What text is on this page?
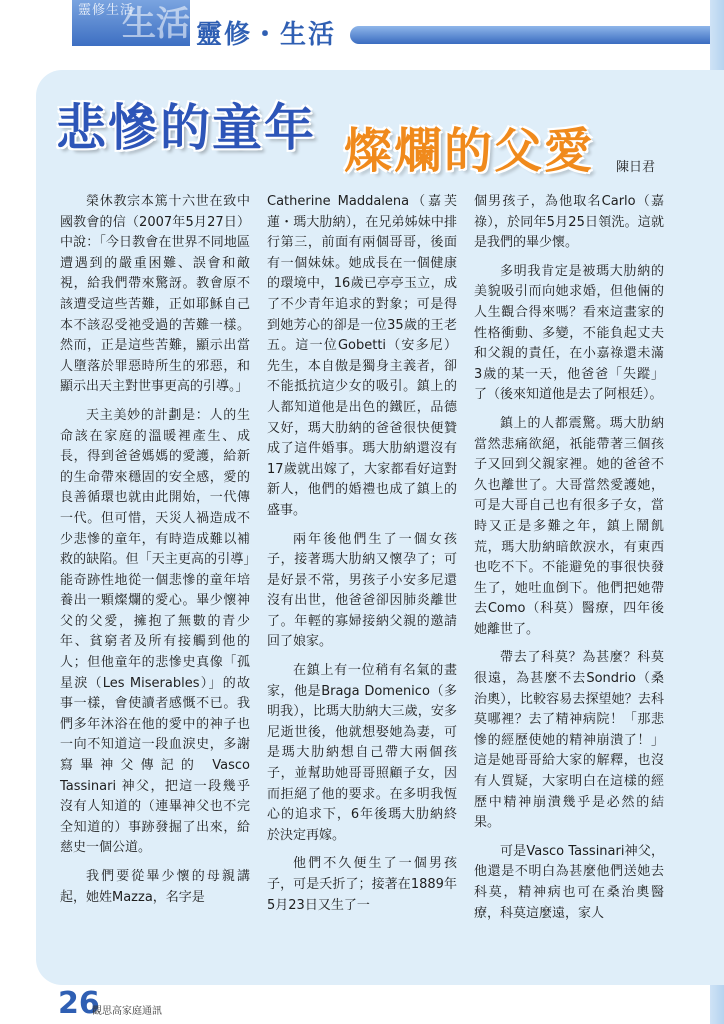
靈修生活
生活 靈修・生活
悲慘的童年 燦爛的父愛 陳日君

榮休教宗本篤十六世在致中國教會的信（2007年5月27日）中說：「今日教會在世界不同地區遭遇到的嚴重困難、誤會和敵視，給我們帶來驚訝。教會原不該遭受這些苦難，正如耶穌自己本不該忍受祂受過的苦難一樣。然而，正是這些苦難，顯示出當人墮落於罪惡時所生的邪惡，和顯示出天主對世事更高的引導。」

天主美妙的計劃是：人的生命該在家庭的溫暖裡產生、成長，得到爸爸媽媽的愛護，給新的生命帶來穩固的安全感，愛的良善循環也就由此開始，一代傳一代。但可惜，天災人禍造成不少悲慘的童年，有時造成難以補救的缺陷。但「天主更高的引導」能奇跡性地從一個悲慘的童年培養出一顆燦爛的愛心。畢少懷神父的父愛，擁抱了無數的青少年、貧窮者及所有接觸到他的人；但他童年的悲慘史真像「孤星淚（Les Miserables）」的故事一樣，會使讀者感慨不已。我們多年沐浴在他的愛中的神子也一向不知道這一段血淚史，多謝寫畢神父傳記的 Vasco Tassinari 神父，把這一段幾乎沒有人知道的（連畢神父也不完全知道的）事跡發掘了出來，給慈史一個公道。

我們要從畢少懷的母親講起，她姓Mazza，名字是

Catherine Maddalena（嘉芙蓮・瑪大肋納），在兄弟姊妹中排行第三，前面有兩個哥哥，後面有一個妹妹。她成長在一個健康的環境中，16歲已亭亭玉立，成了不少青年追求的對象；可是得到她芳心的卻是一位35歲的王老五。這一位Gobetti（安多尼）先生，本自傲是獨身主義者，卻不能抵抗這少女的吸引。鎮上的人都知道他是出色的鐵匠，品德又好，瑪大肋納的爸爸很快便贊成了這件婚事。瑪大肋納還沒有17歲就出嫁了，大家都看好這對新人，他們的婚禮也成了鎮上的盛事。

兩年後他們生了一個女孩子，接著瑪大肋納又懷孕了；可是好景不常，男孩子小安多尼還沒有出世，他爸爸卻因肺炎離世了。年輕的寡婦接納父親的邀請回了娘家。

在鎮上有一位稍有名氣的畫家，他是Braga Domenico（多明我），比瑪大肋納大三歲，安多尼逝世後，他就想娶她為妻，可是瑪大肋納想自己帶大兩個孩子，並幫助她哥哥照顧子女，因而拒絕了他的要求。在多明我恆心的追求下，6年後瑪大肋納終於決定再嫁。

他們不久便生了一個男孩子，可是夭折了；接著在1889年5月23日又生了一

個男孩子，為他取名Carlo（嘉祿），於同年5月25日領洗。這就是我們的畢少懷。

多明我肯定是被瑪大肋納的美貌吸引而向她求婚，但他倆的人生觀合得來嗎？看來這畫家的性格衝動、多變，不能負起丈夫和父親的責任，在小嘉祿還未滿3歲的某一天，他爸爸「失蹤」了（後來知道他是去了阿根廷）。

鎮上的人都震驚。瑪大肋納當然悲痛欲絕，祇能帶著三個孩子又回到父親家裡。她的爸爸不久也離世了。大哥當然愛護她，可是大哥自己也有很多子女，當時又正是多難之年，鎮上鬧飢荒，瑪大肋納暗飲淚水，有東西也吃不下。不能避免的事很快發生了，她吐血倒下。他們把她帶去Como（科莫）醫療，四年後她離世了。

帶去了科莫？為甚麼？科莫很遠，為甚麼不去Sondrio（桑治奧），比較容易去探望她？去科莫哪裡？去了精神病院！「那悲慘的經歷使她的精神崩潰了！」這是她哥哥給大家的解釋，也沒有人質疑，大家明白在這樣的經歷中精神崩潰幾乎是必然的結果。

可是Vasco Tassinari神父，他還是不明白為甚麼他們送她去科莫，精神病也可在桑治奧醫療，科莫這麼遠，家人

26
觀思高家庭通訊
